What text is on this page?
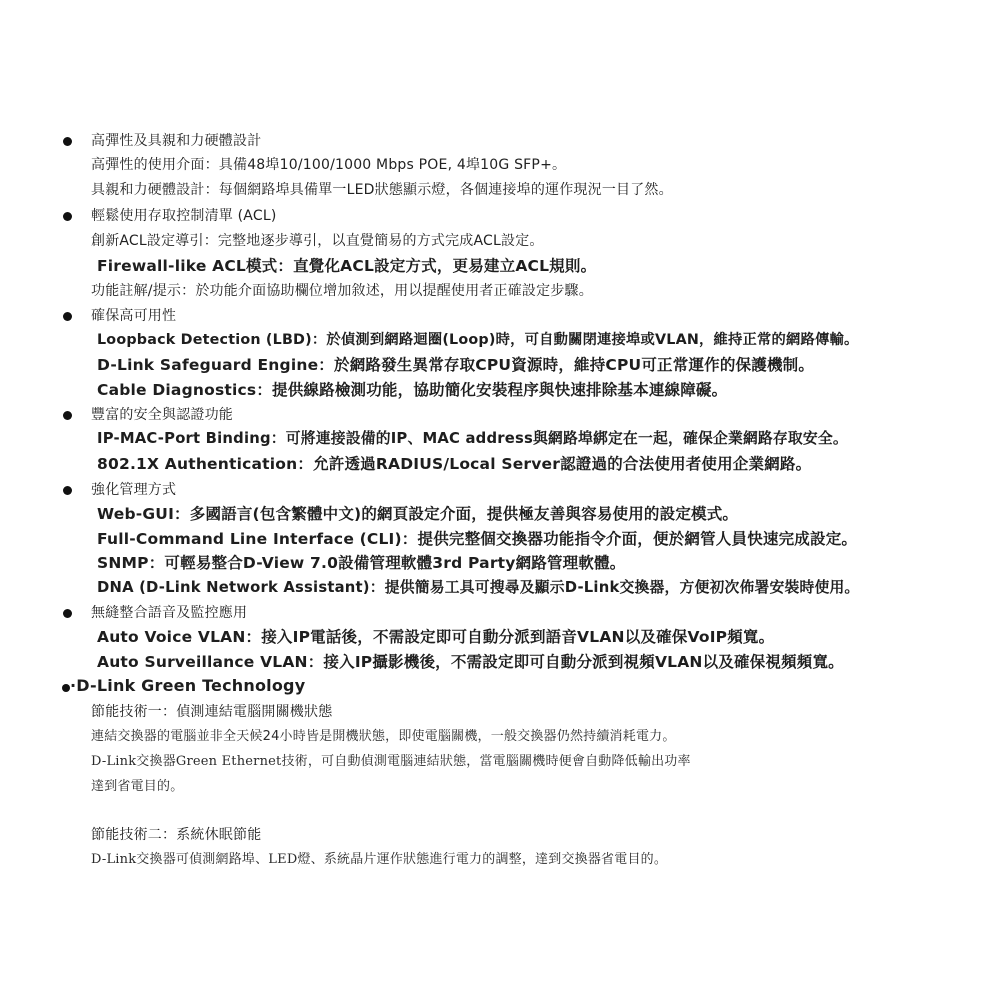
高彈性及具親和力硬體設計
高彈性的使用介面：具備48埠10/100/1000 Mbps POE, 4埠10G SFP+。
具親和力硬體設計：每個網路埠具備單一LED狀態顯示燈，各個連接埠的運作現況一目了然。
輕鬆使用存取控制清單 (ACL)
創新ACL設定導引：完整地逐步導引，以直覺簡易的方式完成ACL設定。
Firewall-like ACL模式：直覺化ACL設定方式，更易建立ACL規則。
功能註解/提示：於功能介面協助欄位增加敘述，用以提醒使用者正確設定步驟。
確保高可用性
Loopback Detection (LBD)：於偵測到網路迴圈(Loop)時，可自動關閉連接埠或VLAN，維持正常的網路傳輸。
D-Link Safeguard Engine：於網路發生異常存取CPU資源時，維持CPU可正常運作的保護機制。
Cable Diagnostics：提供線路檢測功能，協助簡化安裝程序與快速排除基本連線障礙。
豐富的安全與認證功能
IP-MAC-Port Binding：可將連接設備的IP、MAC address與網路埠綁定在一起，確保企業網路存取安全。
802.1X Authentication：允許透過RADIUS/Local Server認證過的合法使用者使用企業網路。
強化管理方式
Web-GUI：多國語言(包含繁體中文)的網頁設定介面，提供極友善與容易使用的設定模式。
Full-Command Line Interface (CLI)：提供完整個交換器功能指令介面，便於網管人員快速完成設定。
SNMP：可輕易整合D-View 7.0設備管理軟體3rd Party網路管理軟體。
DNA (D-Link Network Assistant)：提供簡易工具可搜尋及顯示D-Link交換器，方便初次佈署安裝時使用。
無縫整合語音及監控應用
Auto Voice VLAN：接入IP電話後，不需設定即可自動分派到語音VLAN以及確保VoIP頻寬。
Auto Surveillance VLAN：接入IP攝影機後，不需設定即可自動分派到視頻VLAN以及確保視頻頻寬。
·D-Link Green Technology
節能技術一：偵測連結電腦開關機狀態
連結交換器的電腦並非全天候24小時皆是開機狀態，即使電腦關機，一般交換器仍然持續消耗電力。
D-Link交換器Green Ethernet技術，可自動偵測電腦連結狀態，當電腦關機時便會自動降低輸出功率
達到省電目的。
節能技術二：系統休眠節能
D-Link交換器可偵測網路埠、LED燈、系統晶片運作狀態進行電力的調整，達到交換器省電目的。
